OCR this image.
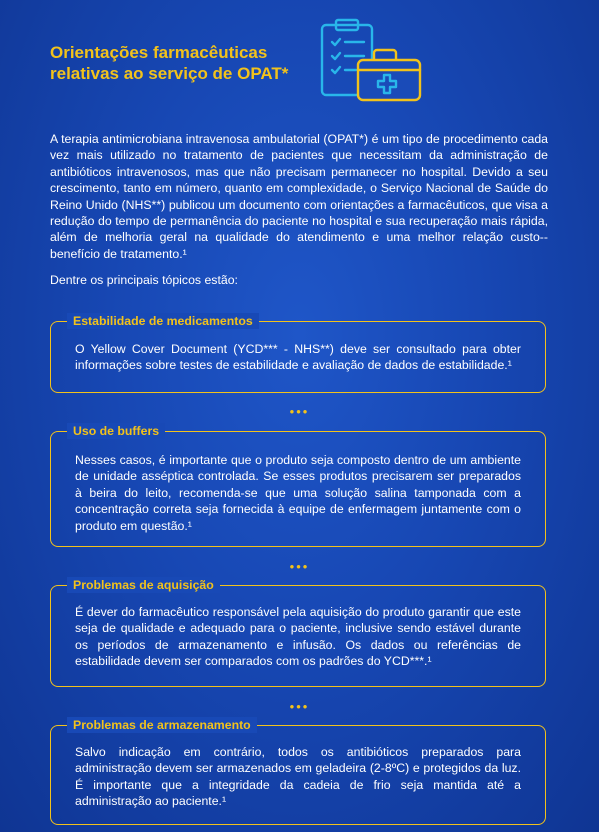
Orientações farmacêuticas
relativas ao serviço de OPAT*

A terapia antimicrobiana intravenosa ambulatorial (OPAT*) é um tipo de procedimento cada vez mais utilizado no tratamento de pacientes que necessitam da administração de antibióticos intravenosos, mas que não precisam permanecer no hospital. Devido a seu crescimento, tanto em número, quanto em complexidade, o Serviço Nacional de Saúde do Reino Unido (NHS**) publicou um documento com orientações a farmacêuticos, que visa a redução do tempo de permanência do paciente no hospital e sua recuperação mais rápida, além de melhoria geral na qualidade do atendimento e uma melhor relação custo--benefício de tratamento.¹

Dentre os principais tópicos estão:

Estabilidade de medicamentos

O Yellow Cover Document (YCD*** - NHS**) deve ser consultado para obter informações sobre testes de estabilidade e avaliação de dados de estabilidade.¹

•••
Uso de buffers

Nesses casos, é importante que o produto seja composto dentro de um ambiente de unidade asséptica controlada. Se esses produtos precisarem ser preparados à beira do leito, recomenda-se que uma solução salina tamponada com a concentração correta seja fornecida à equipe de enfermagem juntamente com o produto em questão.¹

•••
Problemas de aquisição

É dever do farmacêutico responsável pela aquisição do produto garantir que este seja de qualidade e adequado para o paciente, inclusive sendo estável durante os períodos de armazenamento e infusão. Os dados ou referências de estabilidade devem ser comparados com os padrões do YCD***.¹

•••
Problemas de armazenamento

Salvo indicação em contrário, todos os antibióticos preparados para administração devem ser armazenados em geladeira (2-8ºC) e protegidos da luz. É importante que a integridade da cadeia de frio seja mantida até a administração ao paciente.¹
